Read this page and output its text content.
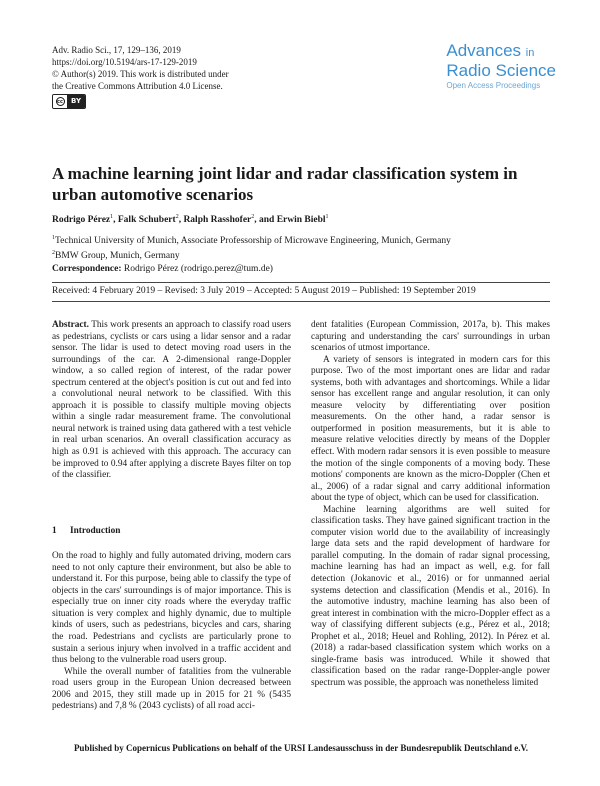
Adv. Radio Sci., 17, 129–136, 2019
https://doi.org/10.5194/ars-17-129-2019
© Author(s) 2019. This work is distributed under
the Creative Commons Attribution 4.0 License.
cc	BY
Advances in
Radio Science
Open Access Proceedings
A machine learning joint lidar and radar classification system in urban automotive scenarios
Rodrigo Pérez$^1$, Falk Schubert$^2$, Ralph Rasshofer$^2$, and Erwin Biebl$^1$
$^1$Technical University of Munich, Associate Professorship of Microwave Engineering, Munich, Germany
$^2$BMW Group, Munich, Germany
Correspondence: Rodrigo Pérez (rodrigo.perez@tum.de)
Received: 4 February 2019 – Revised: 3 July 2019 – Accepted: 5 August 2019 – Published: 19 September 2019

Abstract. This work presents an approach to classify road users as pedestrians, cyclists or cars using a lidar sensor and a radar sensor. The lidar is used to detect moving road users in the surroundings of the car. A 2-dimensional range-Doppler window, a so called region of interest, of the radar power spectrum centered at the object's position is cut out and fed into a convolutional neural network to be classified. With this approach it is possible to classify multiple moving objects within a single radar measurement frame. The convolutional neural network is trained using data gathered with a test vehicle in real urban scenarios. An overall classification accuracy as high as 0.91 is achieved with this approach. The accuracy can be improved to 0.94 after applying a discrete Bayes filter on top of the classifier.

1 Introduction

On the road to highly and fully automated driving, modern cars need to not only capture their environment, but also be able to understand it. For this purpose, being able to classify the type of objects in the cars' surroundings is of major importance. This is especially true on inner city roads where the everyday traffic situation is very complex and highly dynamic, due to multiple kinds of users, such as pedestrians, bicycles and cars, sharing the road. Pedestrians and cyclists are particularly prone to sustain a serious injury when involved in a traffic accident and thus belong to the vulnerable road users group.

While the overall number of fatalities from the vulnerable road users group in the European Union decreased between 2006 and 2015, they still made up in 2015 for 21 % (5435 pedestrians) and 7,8 % (2043 cyclists) of all road acci-

dent fatalities (European Commission, 2017a, b). This makes capturing and understanding the cars' surroundings in urban scenarios of utmost importance.

A variety of sensors is integrated in modern cars for this purpose. Two of the most important ones are lidar and radar systems, both with advantages and shortcomings. While a lidar sensor has excellent range and angular resolution, it can only measure velocity by differentiating over position measurements. On the other hand, a radar sensor is outperformed in position measurements, but it is able to measure relative velocities directly by means of the Doppler effect. With modern radar sensors it is even possible to measure the motion of the single components of a moving body. These motions' components are known as the micro-Doppler (Chen et al., 2006) of a radar signal and carry additional information about the type of object, which can be used for classification.

Machine learning algorithms are well suited for classification tasks. They have gained significant traction in the computer vision world due to the availability of increasingly large data sets and the rapid development of hardware for parallel computing. In the domain of radar signal processing, machine learning has had an impact as well, e.g. for fall detection (Jokanovic et al., 2016) or for unmanned aerial systems detection and classification (Mendis et al., 2016). In the automotive industry, machine learning has also been of great interest in combination with the micro-Doppler effect as a way of classifying different subjects (e.g., Pérez et al., 2018; Prophet et al., 2018; Heuel and Rohling, 2012). In Pérez et al. (2018) a radar-based classification system which works on a single-frame basis was introduced. While it showed that classification based on the radar range-Doppler-angle power spectrum was possible, the approach was nonetheless limited

Published by Copernicus Publications on behalf of the URSI Landesausschuss in der Bundesrepublik Deutschland e.V.
